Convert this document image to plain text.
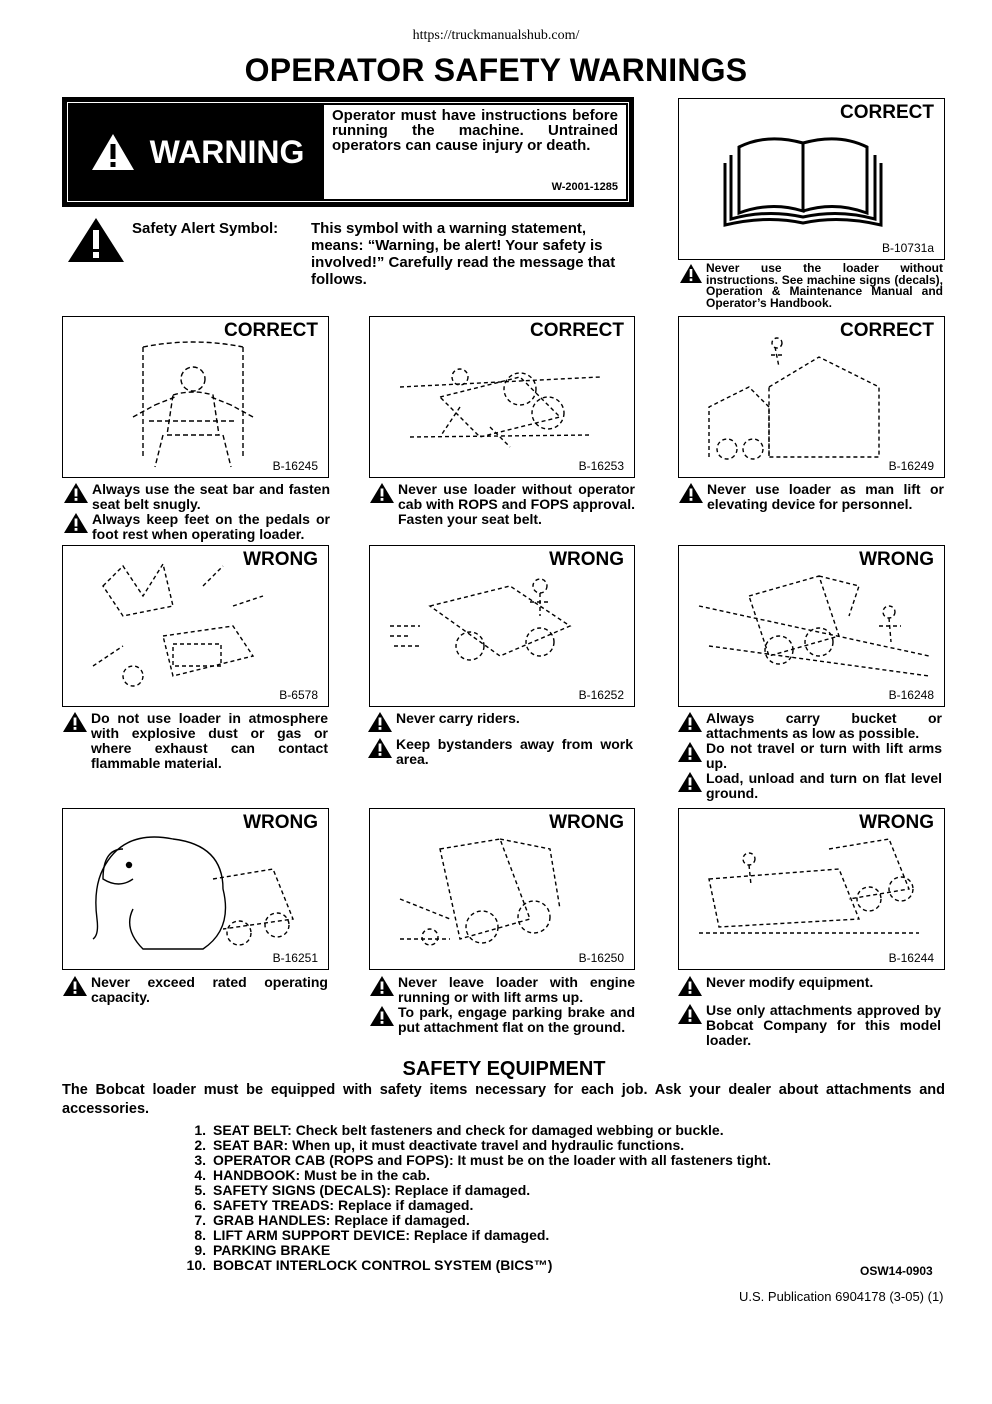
https://truckmanualshub.com/
OPERATOR SAFETY WARNINGS
WARNING
Operator must have instructions before running the machine. Untrained operators can cause injury or death.
W-2001-1285
Safety Alert Symbol: This symbol with a warning statement, means: “Warning, be alert! Your safety is involved!” Carefully read the message that follows.
CORRECT
B-10731a
Never use the loader without instructions. See machine signs (decals), Operation & Maintenance Manual and Operator’s Handbook.
CORRECT
B-16245
CORRECT
B-16253
CORRECT
B-16249
Always use the seat bar and fasten seat belt snugly.
Always keep feet on the pedals or foot rest when operating loader.
Never use loader without operator cab with ROPS and FOPS approval. Fasten your seat belt.
Never use loader as man lift or elevating device for personnel.
WRONG
B-6578
WRONG
B-16252
WRONG
B-16248
Do not use loader in atmosphere with explosive dust or gas or where exhaust can contact flammable material.
Never carry riders.
Keep bystanders away from work area.
Always carry bucket or attachments as low as possible.
Do not travel or turn with lift arms up.
Load, unload and turn on flat level ground.
WRONG
B-16251
WRONG
B-16250
WRONG
B-16244
Never exceed rated operating capacity.
Never leave loader with engine running or with lift arms up.
To park, engage parking brake and put attachment flat on the ground.
Never modify equipment.
Use only attachments approved by Bobcat Company for this model loader.
SAFETY EQUIPMENT
The Bobcat loader must be equipped with safety items necessary for each job. Ask your dealer about attachments and accessories.
1. SEAT BELT: Check belt fasteners and check for damaged webbing or buckle.
2. SEAT BAR: When up, it must deactivate travel and hydraulic functions.
3. OPERATOR CAB (ROPS and FOPS): It must be on the loader with all fasteners tight.
4. HANDBOOK: Must be in the cab.
5. SAFETY SIGNS (DECALS): Replace if damaged.
6. SAFETY TREADS: Replace if damaged.
7. GRAB HANDLES: Replace if damaged.
8. LIFT ARM SUPPORT DEVICE: Replace if damaged.
9. PARKING BRAKE
10. BOBCAT INTERLOCK CONTROL SYSTEM (BICS™)	OSW14-0903
U.S. Publication 6904178 (3-05) (1)
